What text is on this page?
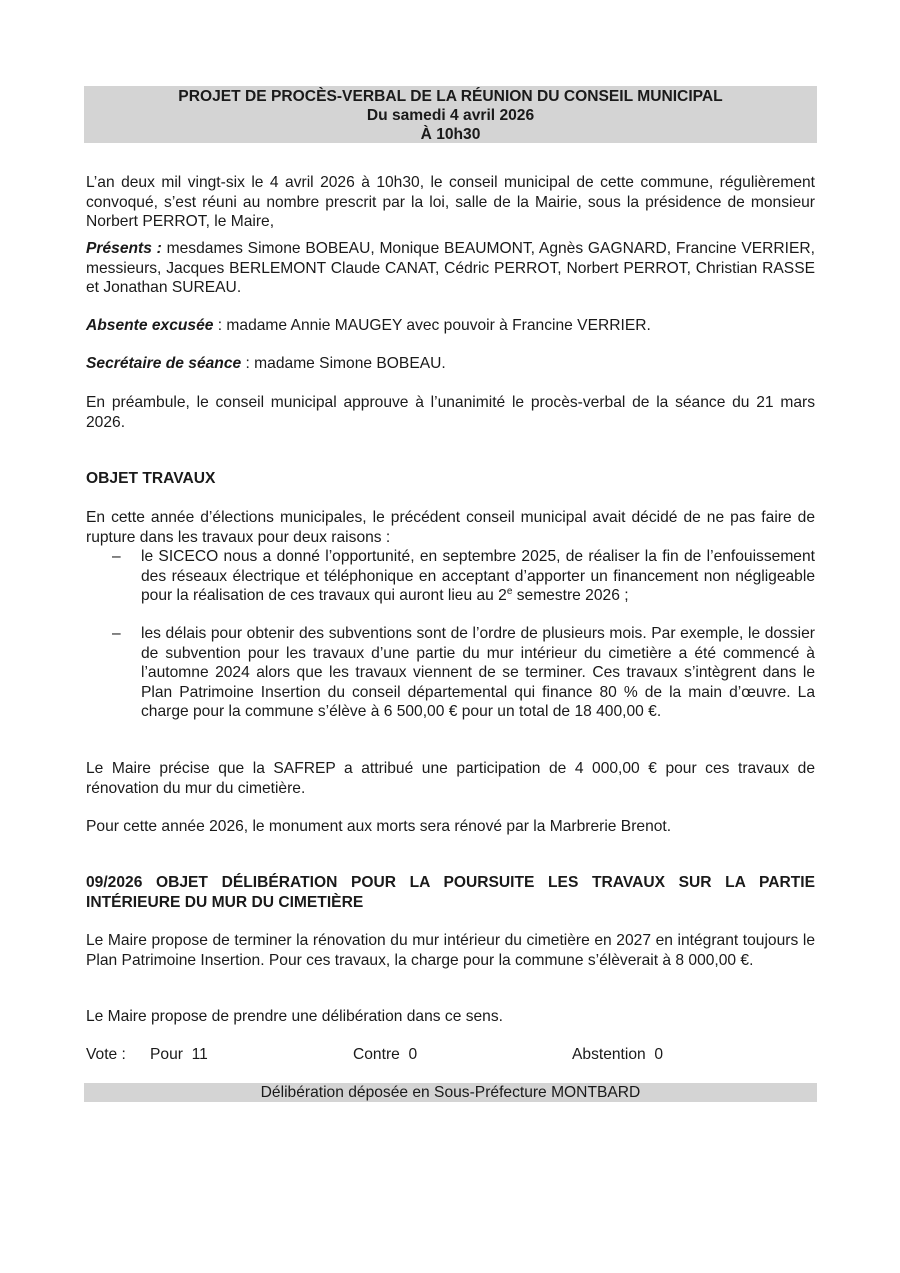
PROJET DE PROCÈS-VERBAL DE LA RÉUNION DU CONSEIL MUNICIPAL
Du samedi 4 avril 2026
À 10h30

L’an deux mil vingt-six le 4 avril 2026 à 10h30, le conseil municipal de cette commune, régulièrement convoqué, s’est réuni au nombre prescrit par la loi, salle de la Mairie, sous la présidence de monsieur Norbert PERROT, le Maire,

Présents : mesdames Simone BOBEAU, Monique BEAUMONT, Agnès GAGNARD, Francine VERRIER, messieurs, Jacques BERLEMONT Claude CANAT, Cédric PERROT, Norbert PERROT, Christian RASSE et Jonathan SUREAU.

Absente excusée : madame Annie MAUGEY avec pouvoir à Francine VERRIER.

Secrétaire de séance : madame Simone BOBEAU.

En préambule, le conseil municipal approuve à l’unanimité le procès-verbal de la séance du 21 mars 2026.

OBJET TRAVAUX

En cette année d’élections municipales, le précédent conseil municipal avait décidé de ne pas faire de rupture dans les travaux pour deux raisons :

– le SICECO nous a donné l’opportunité, en septembre 2025, de réaliser la fin de l’enfouissement des réseaux électrique et téléphonique en acceptant d’apporter un financement non négligeable pour la réalisation de ces travaux qui auront lieu au 2e semestre 2026 ;
– les délais pour obtenir des subventions sont de l’ordre de plusieurs mois. Par exemple, le dossier de subvention pour les travaux d’une partie du mur intérieur du cimetière a été commencé à l’automne 2024 alors que les travaux viennent de se terminer. Ces travaux s’intègrent dans le Plan Patrimoine Insertion du conseil départemental qui finance 80 % de la main d’œuvre. La charge pour la commune s’élève à 6 500,00 € pour un total de 18 400,00 €.

Le Maire précise que la SAFREP a attribué une participation de 4 000,00 € pour ces travaux de rénovation du mur du cimetière.

Pour cette année 2026, le monument aux morts sera rénové par la Marbrerie Brenot.

09/2026 OBJET DÉLIBÉRATION POUR LA POURSUITE LES TRAVAUX SUR LA PARTIE INTÉRIEURE DU MUR DU CIMETIÈRE

Le Maire propose de terminer la rénovation du mur intérieur du cimetière en 2027 en intégrant toujours le Plan Patrimoine Insertion. Pour ces travaux, la charge pour la commune s’élèverait à 8 000,00 €.

Le Maire propose de prendre une délibération dans ce sens.

Vote : Pour  11	Contre  0	Abstention  0
Délibération déposée en Sous-Préfecture MONTBARD
